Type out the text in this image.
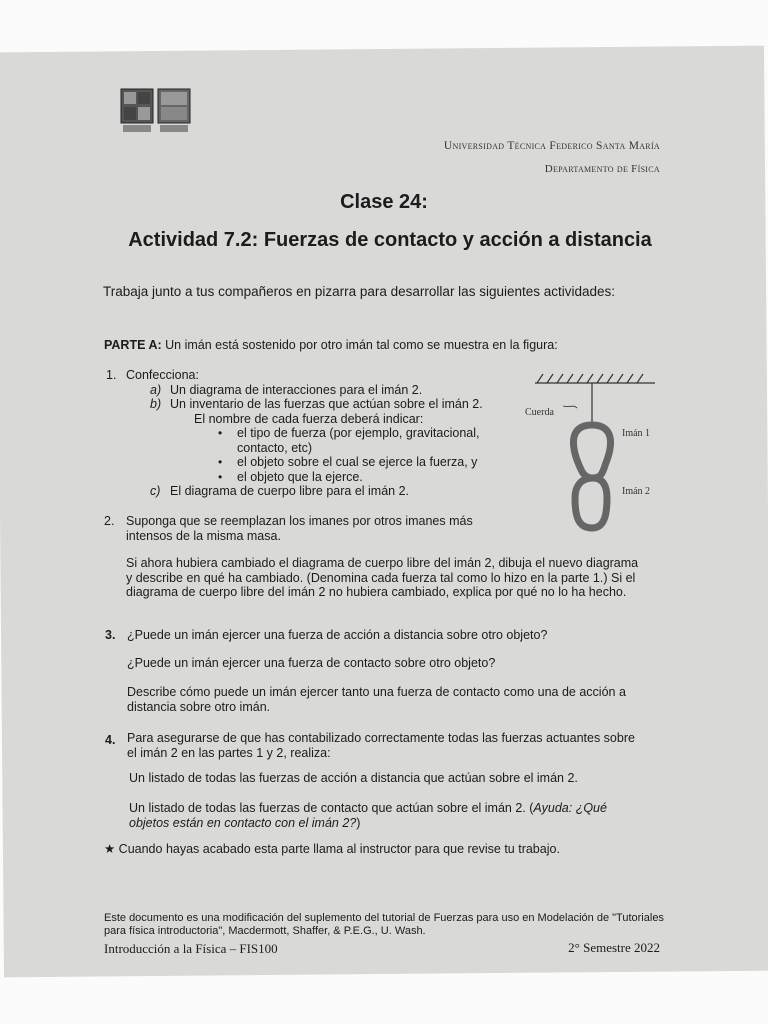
Universidad Técnica Federico Santa María
Departamento de Física
Clase 24:
Actividad 7.2: Fuerzas de contacto y acción a distancia
Trabaja junto a tus compañeros en pizarra para desarrollar las siguientes actividades:
PARTE A: Un imán está sostenido por otro imán tal como se muestra en la figura:
1. Confecciona:
a) Un diagrama de interacciones para el imán 2.
b) Un inventario de las fuerzas que actúan sobre el imán 2.
El nombre de cada fuerza deberá indicar:
• el tipo de fuerza (por ejemplo, gravitacional, contacto, etc)
• el objeto sobre el cual se ejerce la fuerza, y
• el objeto que la ejerce.
c) El diagrama de cuerpo libre para el imán 2.
Cuerda
Imán 1
Imán 2
2. Suponga que se reemplazan los imanes por otros imanes más intensos de la misma masa.
Si ahora hubiera cambiado el diagrama de cuerpo libre del imán 2, dibuja el nuevo diagrama y describe en qué ha cambiado. (Denomina cada fuerza tal como lo hizo en la parte 1.) Si el diagrama de cuerpo libre del imán 2 no hubiera cambiado, explica por qué no lo ha hecho.
3. ¿Puede un imán ejercer una fuerza de acción a distancia sobre otro objeto?
¿Puede un imán ejercer una fuerza de contacto sobre otro objeto?
Describe cómo puede un imán ejercer tanto una fuerza de contacto como una de acción a distancia sobre otro imán.
4. Para asegurarse de que has contabilizado correctamente todas las fuerzas actuantes sobre el imán 2 en las partes 1 y 2, realiza:
Un listado de todas las fuerzas de acción a distancia que actúan sobre el imán 2.
Un listado de todas las fuerzas de contacto que actúan sobre el imán 2. (Ayuda: ¿Qué objetos están en contacto con el imán 2?)
★ Cuando hayas acabado esta parte llama al instructor para que revise tu trabajo.
Este documento es una modificación del suplemento del tutorial de Fuerzas para uso en Modelación de "Tutoriales para física introductoria", Macdermott, Shaffer, & P.E.G., U. Wash.
Introducción a la Física – FIS100	2° Semestre 2022
